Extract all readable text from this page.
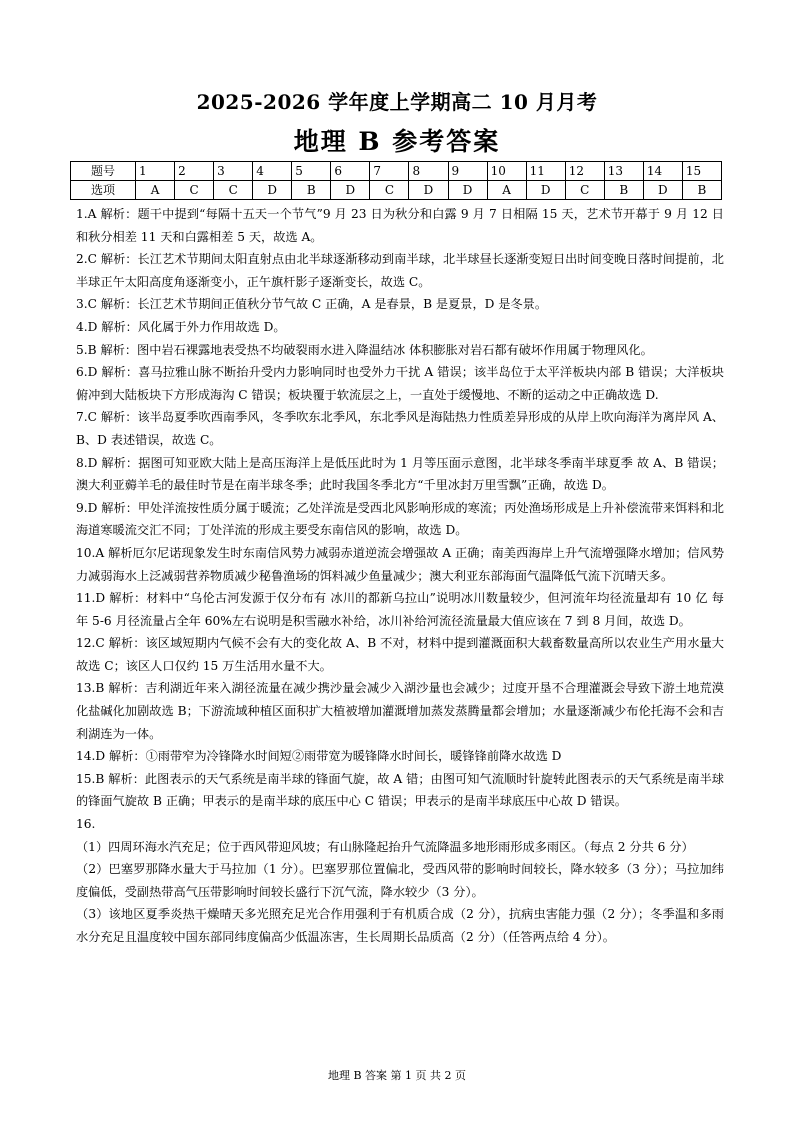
2025-2026 学年度上学期高二 10 月月考
地理 B 参考答案
题号	1	2	3	4	5	6	7	8	9	10	11	12	13	14	15
选项	A	C	C	D	B	D	C	D	D	A	D	C	B	D	B

1.A 解析：题干中提到“每隔十五天一个节气”9 月 23 日为秋分和白露 9 月 7 日相隔 15 天，艺术节开幕于 9 月 12 日和秋分相差 11 天和白露相差 5 天，故选 A。

2.C 解析：长江艺术节期间太阳直射点由北半球逐渐移动到南半球，北半球昼长逐渐变短日出时间变晚日落时间提前，北半球正午太阳高度角逐渐变小，正午旗杆影子逐渐变长，故选 C。

3.C 解析：长江艺术节期间正值秋分节气故 C 正确，A 是春景，B 是夏景，D 是冬景。

4.D 解析：风化属于外力作用故选 D。

5.B 解析：图中岩石裸露地表受热不均破裂雨水进入降温结冰 体积膨胀对岩石都有破坏作用属于物理风化。

6.D 解析：喜马拉雅山脉不断抬升受内力影响同时也受外力干扰 A 错误；该半岛位于太平洋板块内部 B 错误；大洋板块俯冲到大陆板块下方形成海沟 C 错误；板块覆于软流层之上，一直处于缓慢地、不断的运动之中正确故选 D.

7.C 解析：该半岛夏季吹西南季风，冬季吹东北季风，东北季风是海陆热力性质差异形成的从岸上吹向海洋为离岸风 A、B、D 表述错误，故选 C。

8.D 解析：据图可知亚欧大陆上是高压海洋上是低压此时为 1 月等压面示意图，北半球冬季南半球夏季 故 A、B 错误；澳大利亚薅羊毛的最佳时节是在南半球冬季；此时我国冬季北方“千里冰封万里雪飘”正确，故选 D。

9.D 解析：甲处洋流按性质分属于暖流；乙处洋流是受西北风影响形成的寒流；丙处渔场形成是上升补偿流带来饵料和北海道寒暖流交汇不同；丁处洋流的形成主要受东南信风的影响，故选 D。

10.A 解析厄尔尼诺现象发生时东南信风势力减弱赤道逆流会增强故 A 正确；南美西海岸上升气流增强降水增加；信风势力减弱海水上泛减弱营养物质减少秘鲁渔场的饵料减少鱼量减少；澳大利亚东部海面气温降低气流下沉晴天多。

11.D 解析：材料中“乌伦古河发源于仅分布有 冰川的都新乌拉山”说明冰川数量较少，但河流年均径流量却有 10 亿 每年 5-6 月径流量占全年 60%左右说明是积雪融水补给，冰川补给河流径流量最大值应该在 7 到 8 月间，故选 D。

12.C 解析：该区域短期内气候不会有大的变化故 A、B 不对，材料中提到灌溉面积大载畜数量高所以农业生产用水量大故选 C；该区人口仅约 15 万生活用水量不大。

13.B 解析：吉利湖近年来入湖径流量在减少携沙量会减少入湖沙量也会减少；过度开垦不合理灌溉会导致下游土地荒漠化盐碱化加剧故选 B；下游流域种植区面积扩大植被增加灌溉增加蒸发蒸腾量都会增加；水量逐渐减少布伦托海不会和吉利湖连为一体。

14.D 解析：①雨带窄为冷锋降水时间短②雨带宽为暖锋降水时间长，暖锋锋前降水故选 D

15.B 解析：此图表示的天气系统是南半球的锋面气旋，故 A 错；由图可知气流顺时针旋转此图表示的天气系统是南半球的锋面气旋故 B 正确；甲表示的是南半球的底压中心 C 错误；甲表示的是南半球底压中心故 D 错误。

16.

（1）四周环海水汽充足；位于西风带迎风坡；有山脉隆起抬升气流降温多地形雨形成多雨区。（每点 2 分共 6 分）

（2）巴塞罗那降水量大于马拉加（1 分）。巴塞罗那位置偏北，受西风带的影响时间较长，降水较多（3 分）；马拉加纬度偏低，受副热带高气压带影响时间较长盛行下沉气流，降水较少（3 分）。

（3）该地区夏季炎热干燥晴天多光照充足光合作用强利于有机质合成（2 分），抗病虫害能力强（2 分）；冬季温和多雨水分充足且温度较中国东部同纬度偏高少低温冻害，生长周期长品质高（2 分）（任答两点给 4 分）。

地理 B 答案 第 1 页 共 2 页
